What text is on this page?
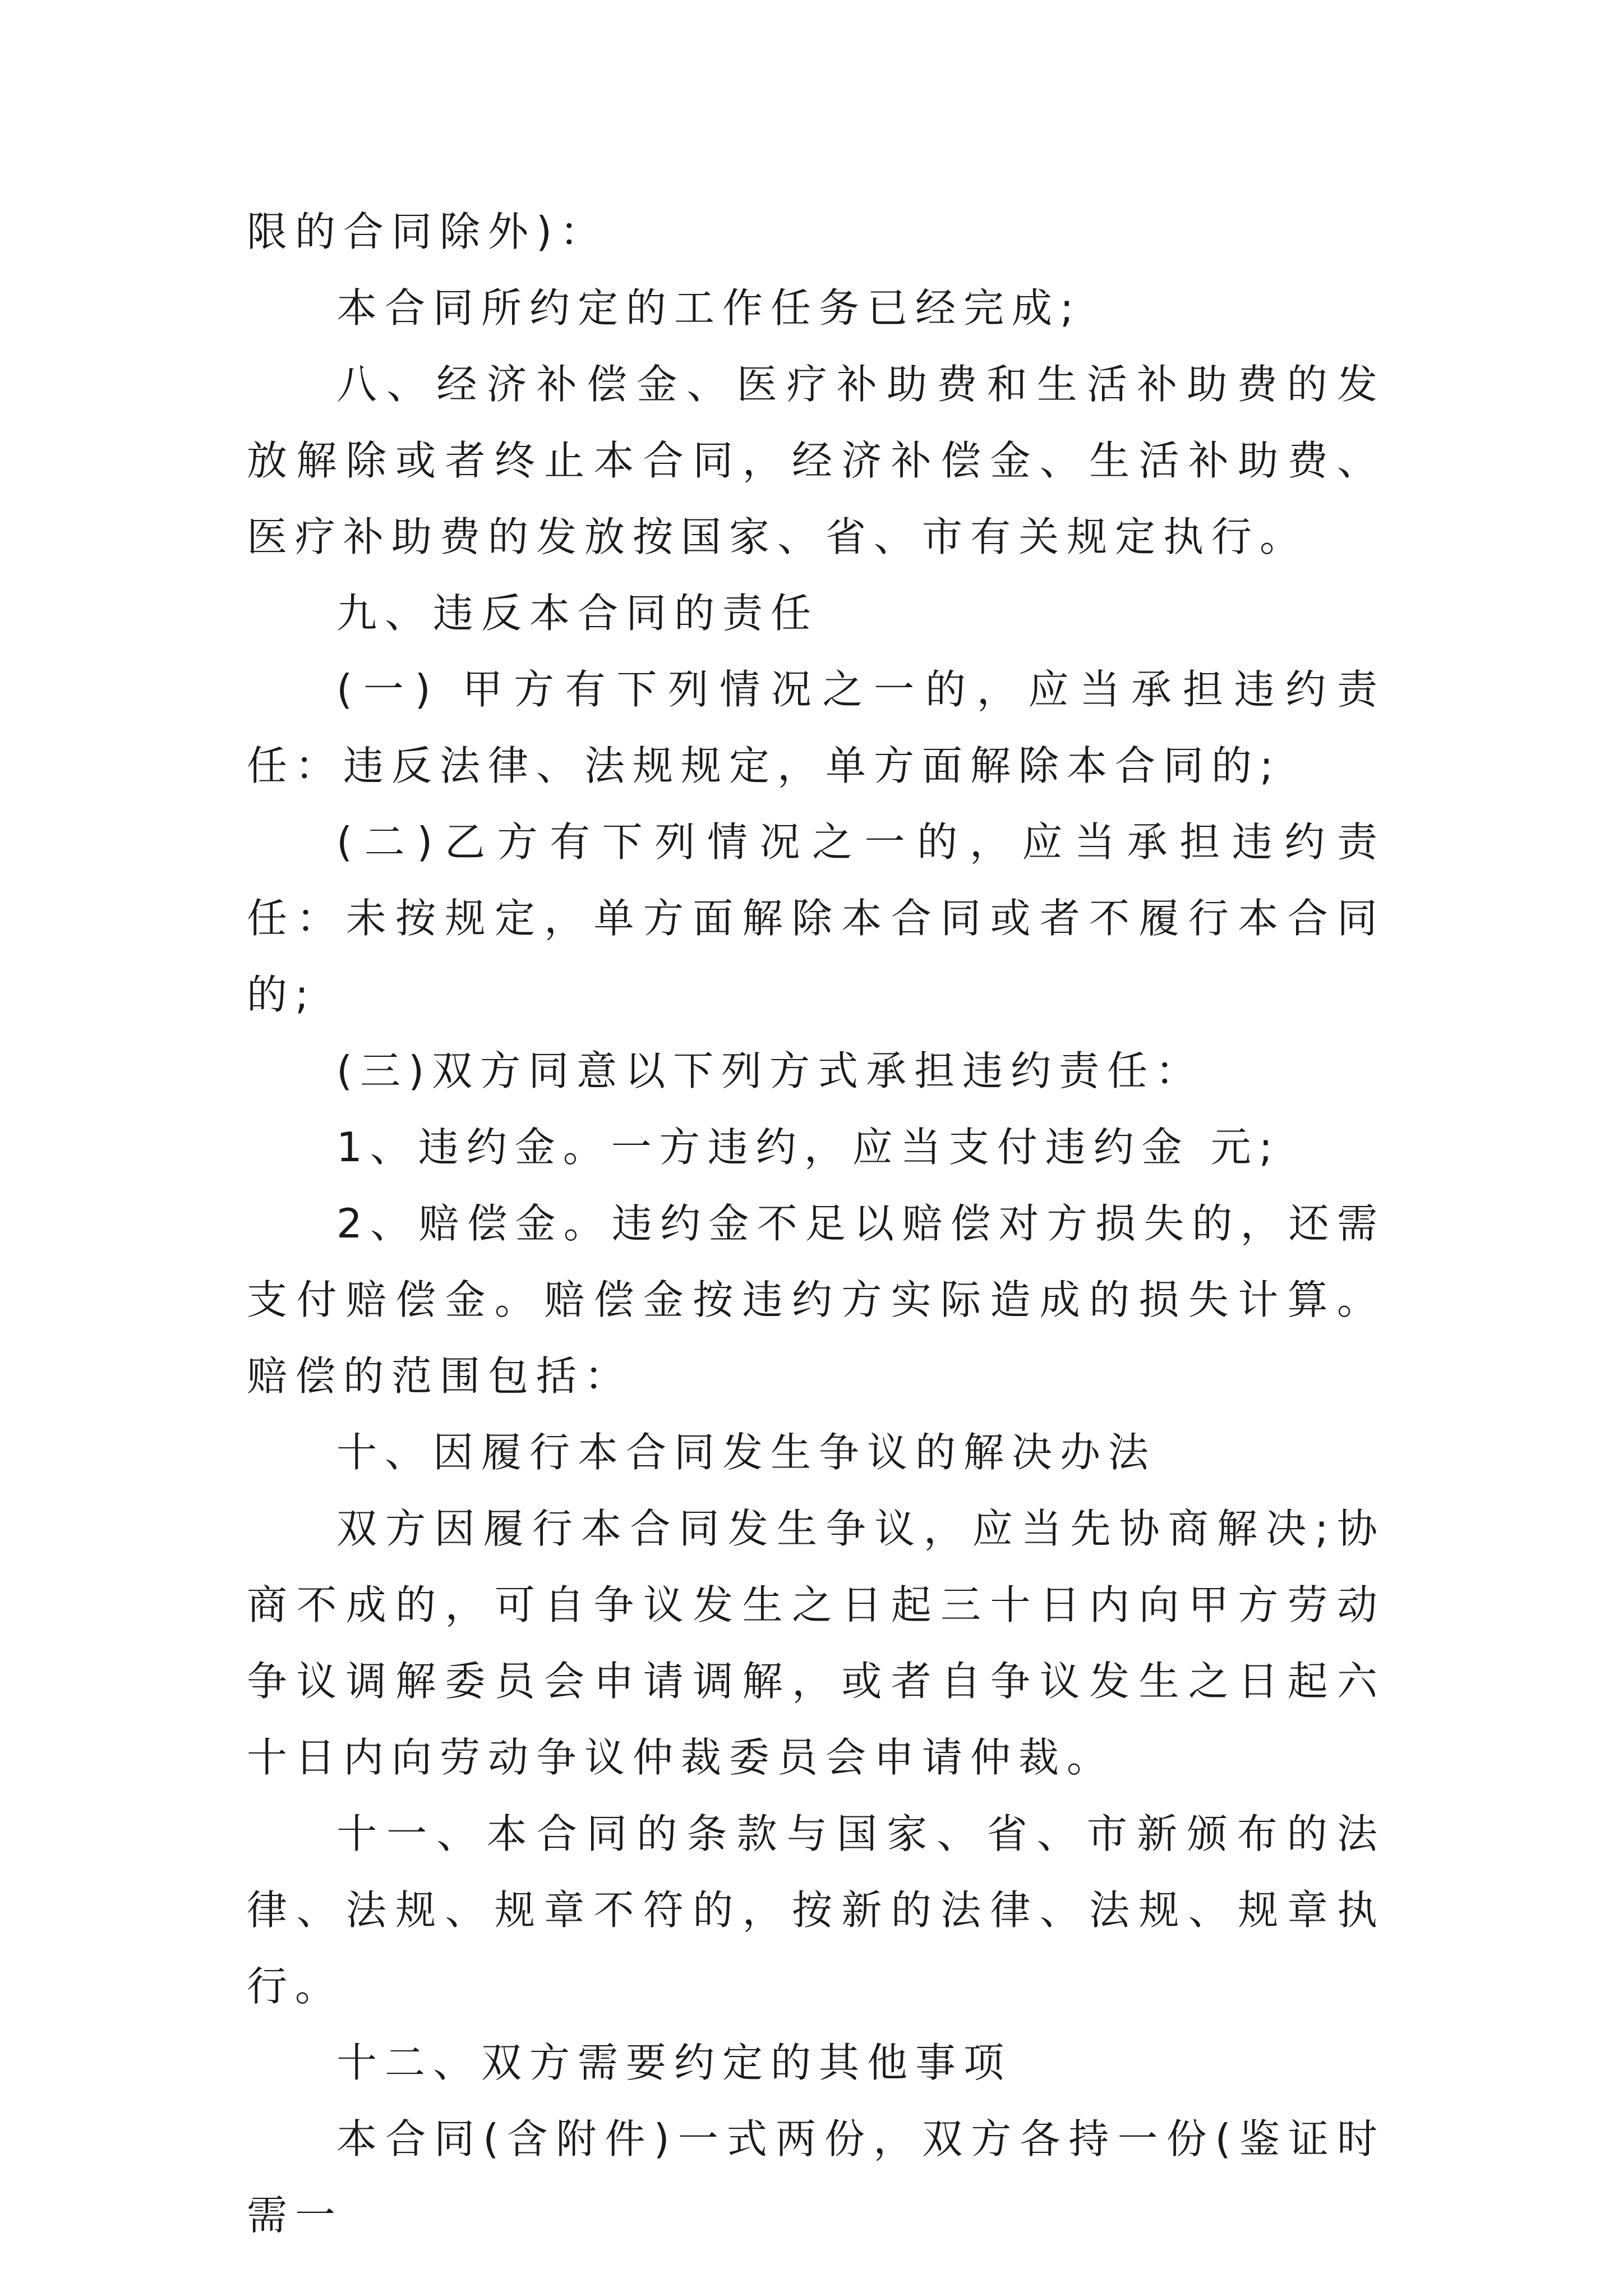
限的合同除外)：

本合同所约定的工作任务已经完成;

八、经济补偿金、医疗补助费和生活补助费的发放解除或者终止本合同，经济补偿金、生活补助费、医疗补助费的发放按国家、省、市有关规定执行。

九、违反本合同的责任

(一) 甲方有下列情况之一的，应当承担违约责任：违反法律、法规规定，单方面解除本合同的;

(二)乙方有下列情况之一的，应当承担违约责任：未按规定，单方面解除本合同或者不履行本合同的;

(三)双方同意以下列方式承担违约责任：

1、违约金。一方违约，应当支付违约金 元;

2、赔偿金。违约金不足以赔偿对方损失的，还需支付赔偿金。赔偿金按违约方实际造成的损失计算。赔偿的范围包括：

十、因履行本合同发生争议的解决办法

双方因履行本合同发生争议，应当先协商解决;协商不成的，可自争议发生之日起三十日内向甲方劳动争议调解委员会申请调解，或者自争议发生之日起六十日内向劳动争议仲裁委员会申请仲裁。

十一、本合同的条款与国家、省、市新颁布的法律、法规、规章不符的，按新的法律、法规、规章执行。

十二、双方需要约定的其他事项

本合同(含附件)一式两份，双方各持一份(鉴证时需一
